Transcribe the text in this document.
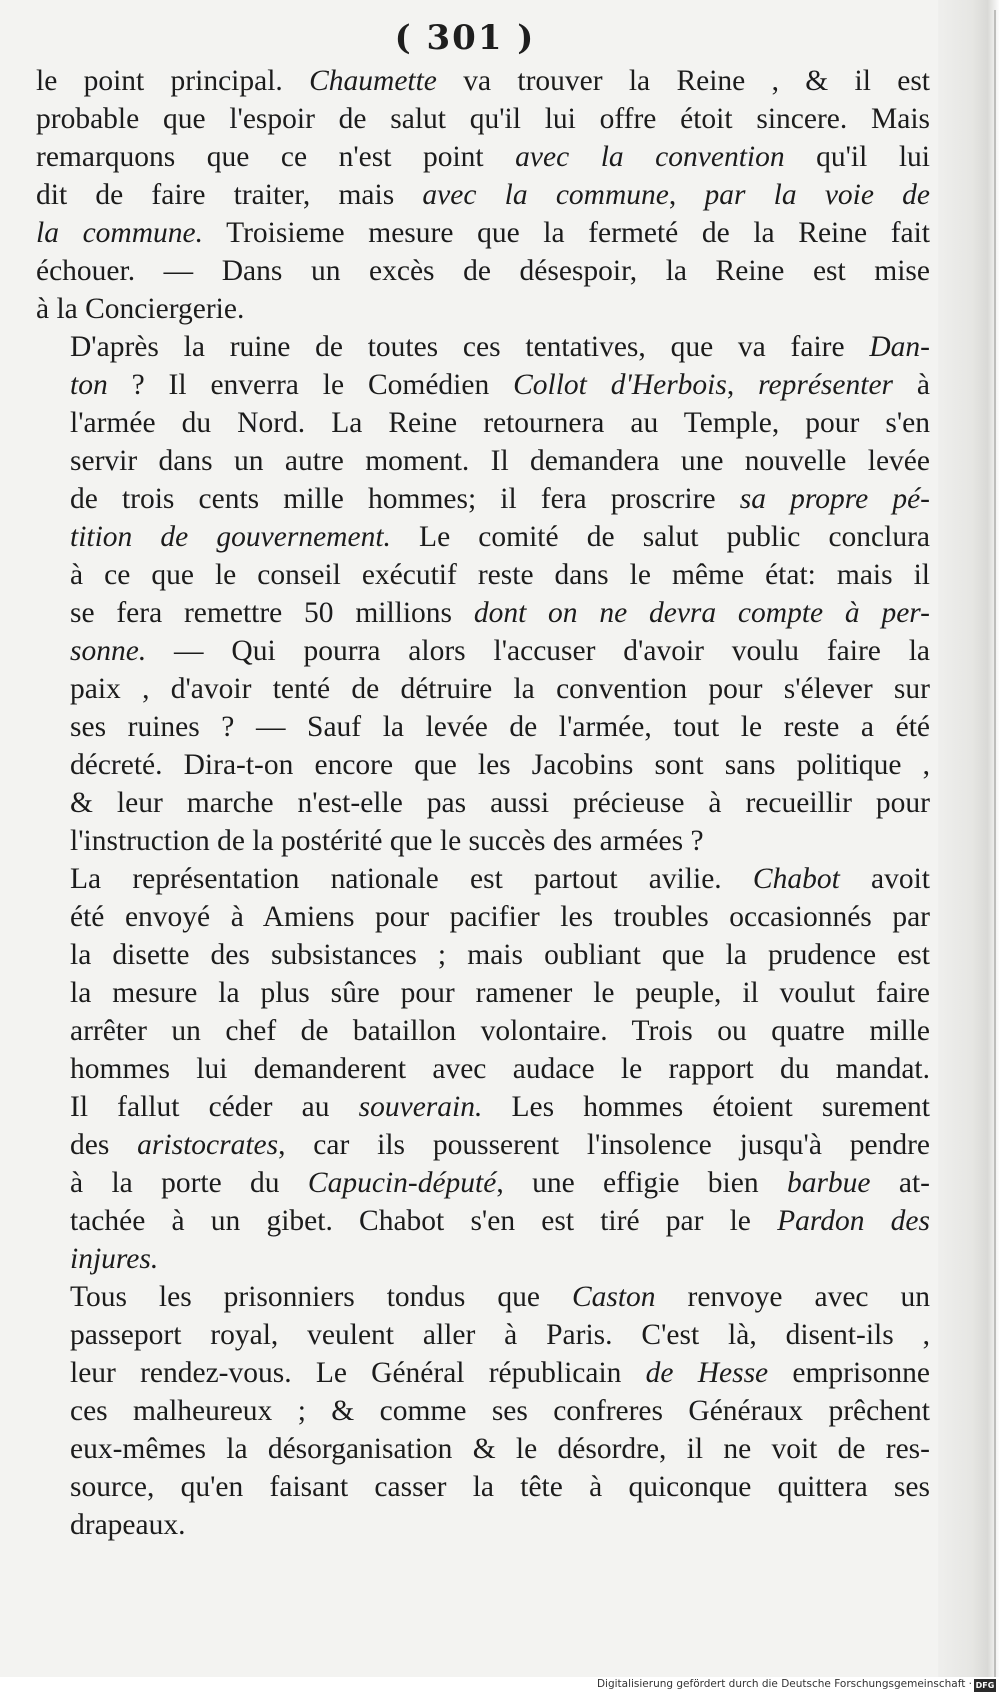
( 301 )
le point principal. Chaumette va trouver la Reine , & il est
probable que l'espoir de salut qu'il lui offre étoit sincere. Mais
remarquons que ce n'est point avec la convention qu'il lui
dit de faire traiter, mais avec la commune, par la voie de
la commune. Troisieme mesure que la fermeté de la Reine fait
échouer. — Dans un excès de désespoir, la Reine est mise
à la Conciergerie.
D'après la ruine de toutes ces tentatives, que va faire Dan-
ton ? Il enverra le Comédien Collot d'Herbois, représenter à
l'armée du Nord. La Reine retournera au Temple, pour s'en
servir dans un autre moment. Il demandera une nouvelle levée
de trois cents mille hommes; il fera proscrire sa propre pé-
tition de gouvernement. Le comité de salut public conclura
à ce que le conseil exécutif reste dans le même état: mais il
se fera remettre 50 millions dont on ne devra compte à per-
sonne. — Qui pourra alors l'accuser d'avoir voulu faire la
paix , d'avoir tenté de détruire la convention pour s'élever sur
ses ruines ? — Sauf la levée de l'armée, tout le reste a été
décreté. Dira-t-on encore que les Jacobins sont sans politique ,
& leur marche n'est-elle pas aussi précieuse à recueillir pour
l'instruction de la postérité que le succès des armées ?
La représentation nationale est partout avilie. Chabot avoit
été envoyé à Amiens pour pacifier les troubles occasionnés par
la disette des subsistances ; mais oubliant que la prudence est
la mesure la plus sûre pour ramener le peuple, il voulut faire
arrêter un chef de bataillon volontaire. Trois ou quatre mille
hommes lui demanderent avec audace le rapport du mandat.
Il fallut céder au souverain. Les hommes étoient surement
des aristocrates, car ils pousserent l'insolence jusqu'à pendre
à la porte du Capucin-député, une effigie bien barbue at-
tachée à un gibet. Chabot s'en est tiré par le Pardon des
injures.
Tous les prisonniers tondus que Caston renvoye avec un
passeport royal, veulent aller à Paris. C'est là, disent-ils ,
leur rendez-vous. Le Général républicain de Hesse emprisonne
ces malheureux ; & comme ses confreres Généraux prêchent
eux-mêmes la désorganisation & le désordre, il ne voit de res-
source, qu'en faisant casser la tête à quiconque quittera ses
drapeaux.
Digitalisierung gefördert durch die Deutsche Forschungsgemeinschaft · DFG
